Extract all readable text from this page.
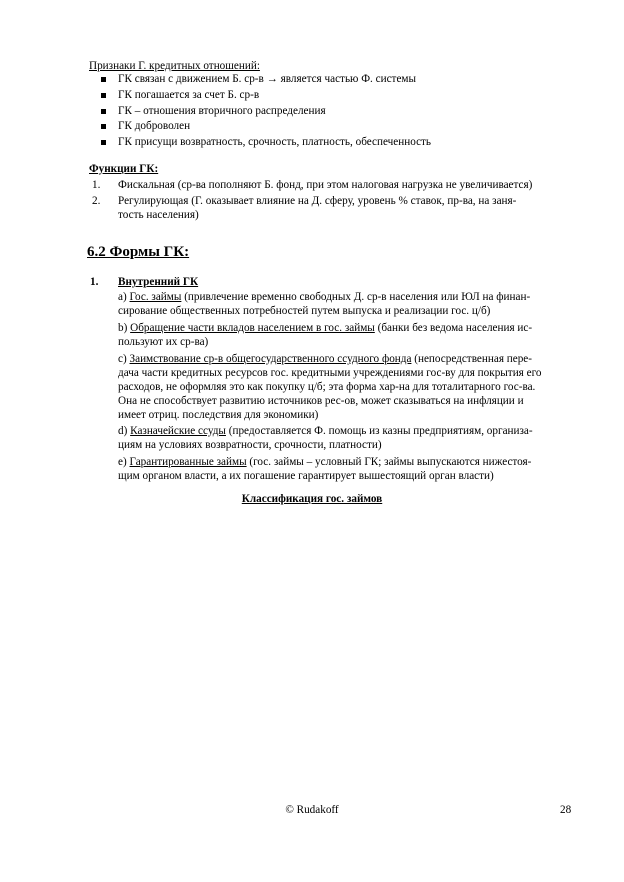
Признаки Г. кредитных отношений:
ГК связан с движением Б. ср-в → является частью Ф. системы
ГК погашается за счет Б. ср-в
ГК – отношения вторичного распределения
ГК доброволен
ГК присущи возвратность, срочность, платность, обеспеченность
Функции ГК:
1. Фискальная (ср-ва пополняют Б. фонд, при этом налоговая нагрузка не увеличивается)
2. Регулирующая (Г. оказывает влияние на Д. сферу, уровень % ставок, пр-ва, на заня-
тость населения)
6.2 Формы ГК:
1. Внутренний ГК
a) Гос. займы (привлечение временно свободных Д. ср-в населения или ЮЛ на финан-
сирование общественных потребностей путем выпуска и реализации гос. ц/б)
b) Обращение части вкладов населением в гос. займы (банки без ведома населения ис-
пользуют их ср-ва)
c) Заимствование ср-в общегосударственного ссудного фонда (непосредственная пере-
дача части кредитных ресурсов гос. кредитными учреждениями гос-ву для покрытия его
расходов, не оформляя это как покупку ц/б; эта форма хар-на для тоталитарного гос-ва.
Она не способствует развитию источников рес-ов, может сказываться на инфляции и
имеет отриц. последствия для экономики)
d) Казначейские ссуды (предоставляется Ф. помощь из казны предприятиям, организа-
циям на условиях возвратности, срочности, платности)
e) Гарантированные займы (гос. займы – условный ГК; займы выпускаются нижестоя-
щим органом власти, а их погашение гарантирует вышестоящий орган власти)
Классификация гос. займов
© Rudakoff	28
